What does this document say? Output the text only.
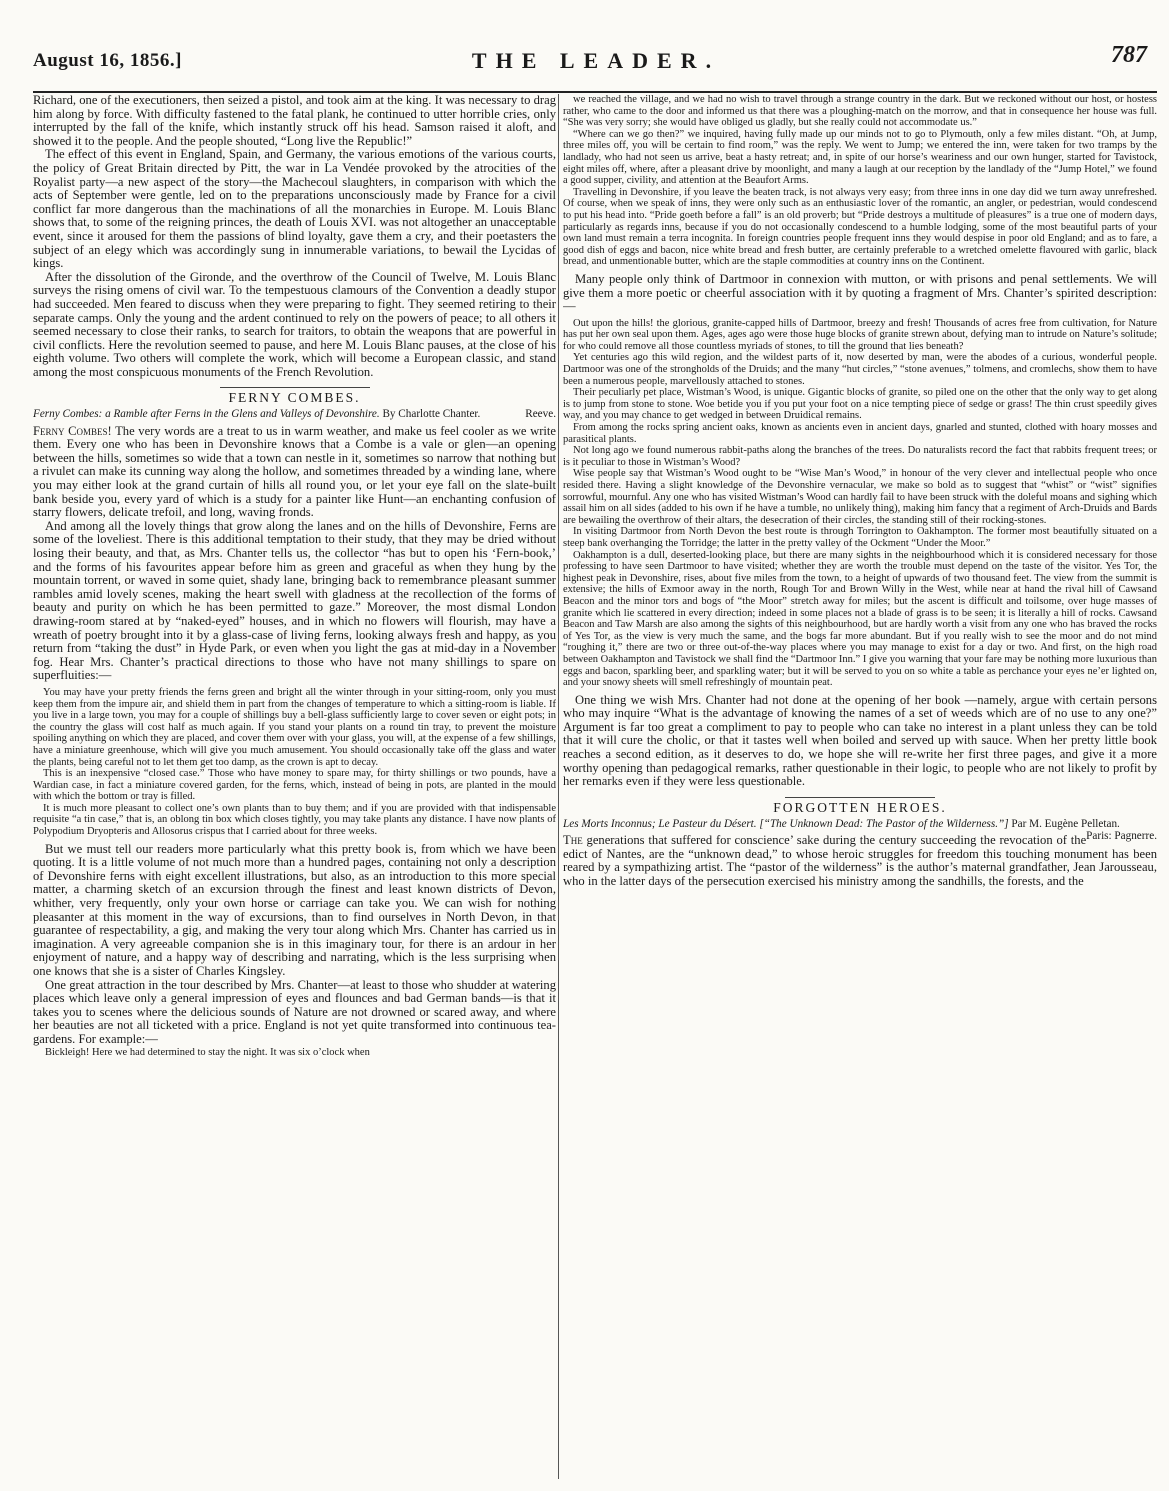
August 16, 1856.]	THE LEADER.	787

Richard, one of the executioners, then seized a pistol, and took aim at the king. It was necessary to drag him along by force. With difficulty fastened to the fatal plank, he continued to utter horrible cries, only interrupted by the fall of the knife, which instantly struck off his head. Samson raised it aloft, and showed it to the people. And the people shouted, “Long live the Republic!”

The effect of this event in England, Spain, and Germany, the various emotions of the various courts, the policy of Great Britain directed by Pitt, the war in La Vendée provoked by the atrocities of the Royalist party—a new aspect of the story—the Machecoul slaughters, in comparison with which the acts of September were gentle, led on to the preparations unconsciously made by France for a civil conflict far more dangerous than the machinations of all the monarchies in Europe. M. Louis Blanc shows that, to some of the reigning princes, the death of Louis XVI. was not altogether an unacceptable event, since it aroused for them the passions of blind loyalty, gave them a cry, and their poetasters the subject of an elegy which was accordingly sung in innumerable variations, to bewail the Lycidas of kings.

After the dissolution of the Gironde, and the overthrow of the Council of Twelve, M. Louis Blanc surveys the rising omens of civil war. To the tempestuous clamours of the Convention a deadly stupor had succeeded. Men feared to discuss when they were preparing to fight. They seemed retiring to their separate camps. Only the young and the ardent continued to rely on the powers of peace; to all others it seemed necessary to close their ranks, to search for traitors, to obtain the weapons that are powerful in civil conflicts. Here the revolution seemed to pause, and here M. Louis Blanc pauses, at the close of his eighth volume. Two others will complete the work, which will become a European classic, and stand among the most conspicuous monuments of the French Revolution.

FERNY COMBES.
Ferny Combes: a Ramble after Ferns in the Glens and Valleys of Devonshire. By Charlotte Chanter.	Reeve.

Ferny Combes! The very words are a treat to us in warm weather, and make us feel cooler as we write them. Every one who has been in Devonshire knows that a Combe is a vale or glen—an opening between the hills, sometimes so wide that a town can nestle in it, sometimes so narrow that nothing but a rivulet can make its cunning way along the hollow, and sometimes threaded by a winding lane, where you may either look at the grand curtain of hills all round you, or let your eye fall on the slate-built bank beside you, every yard of which is a study for a painter like Hunt—an enchanting confusion of starry flowers, delicate trefoil, and long, waving fronds.

And among all the lovely things that grow along the lanes and on the hills of Devonshire, Ferns are some of the loveliest. There is this additional temptation to their study, that they may be dried without losing their beauty, and that, as Mrs. Chanter tells us, the collector “has but to open his ‘Fern-book,’ and the forms of his favourites appear before him as green and graceful as when they hung by the mountain torrent, or waved in some quiet, shady lane, bringing back to remembrance pleasant summer rambles amid lovely scenes, making the heart swell with gladness at the recollection of the forms of beauty and purity on which he has been permitted to gaze.” Moreover, the most dismal London drawing-room stared at by “naked-eyed” houses, and in which no flowers will flourish, may have a wreath of poetry brought into it by a glass-case of living ferns, looking always fresh and happy, as you return from “taking the dust” in Hyde Park, or even when you light the gas at mid-day in a November fog. Hear Mrs. Chanter’s practical directions to those who have not many shillings to spare on superfluities:—

You may have your pretty friends the ferns green and bright all the winter through in your sitting-room, only you must keep them from the impure air, and shield them in part from the changes of temperature to which a sitting-room is liable. If you live in a large town, you may for a couple of shillings buy a bell-glass sufficiently large to cover seven or eight pots; in the country the glass will cost half as much again. If you stand your plants on a round tin tray, to prevent the moisture spoiling anything on which they are placed, and cover them over with your glass, you will, at the expense of a few shillings, have a miniature greenhouse, which will give you much amusement. You should occasionally take off the glass and water the plants, being careful not to let them get too damp, as the crown is apt to decay.

This is an inexpensive “closed case.” Those who have money to spare may, for thirty shillings or two pounds, have a Wardian case, in fact a miniature covered garden, for the ferns, which, instead of being in pots, are planted in the mould with which the bottom or tray is filled.

It is much more pleasant to collect one’s own plants than to buy them; and if you are provided with that indispensable requisite “a tin case,” that is, an oblong tin box which closes tightly, you may take plants any distance. I have now plants of Polypodium Dryopteris and Allosorus crispus that I carried about for three weeks.

But we must tell our readers more particularly what this pretty book is, from which we have been quoting. It is a little volume of not much more than a hundred pages, containing not only a description of Devonshire ferns with eight excellent illustrations, but also, as an introduction to this more special matter, a charming sketch of an excursion through the finest and least known districts of Devon, whither, very frequently, only your own horse or carriage can take you. We can wish for nothing pleasanter at this moment in the way of excursions, than to find ourselves in North Devon, in that guarantee of respectability, a gig, and making the very tour along which Mrs. Chanter has carried us in imagination. A very agreeable companion she is in this imaginary tour, for there is an ardour in her enjoyment of nature, and a happy way of describing and narrating, which is the less surprising when one knows that she is a sister of Charles Kingsley.

One great attraction in the tour described by Mrs. Chanter—at least to those who shudder at watering places which leave only a general impression of eyes and flounces and bad German bands—is that it takes you to scenes where the delicious sounds of Nature are not drowned or scared away, and where her beauties are not all ticketed with a price. England is not yet quite transformed into continuous tea-gardens. For example:—

Bickleigh! Here we had determined to stay the night. It was six o’clock when

we reached the village, and we had no wish to travel through a strange country in the dark. But we reckoned without our host, or hostess rather, who came to the door and informed us that there was a ploughing-match on the morrow, and that in consequence her house was full. “She was very sorry; she would have obliged us gladly, but she really could not accommodate us.”

“Where can we go then?” we inquired, having fully made up our minds not to go to Plymouth, only a few miles distant. “Oh, at Jump, three miles off, you will be certain to find room,” was the reply. We went to Jump; we entered the inn, were taken for two tramps by the landlady, who had not seen us arrive, beat a hasty retreat; and, in spite of our horse’s weariness and our own hunger, started for Tavistock, eight miles off, where, after a pleasant drive by moonlight, and many a laugh at our reception by the landlady of the “Jump Hotel,” we found a good supper, civility, and attention at the Beaufort Arms.

Travelling in Devonshire, if you leave the beaten track, is not always very easy; from three inns in one day did we turn away unrefreshed. Of course, when we speak of inns, they were only such as an enthusiastic lover of the romantic, an angler, or pedestrian, would condescend to put his head into. “Pride goeth before a fall” is an old proverb; but “Pride destroys a multitude of pleasures” is a true one of modern days, particularly as regards inns, because if you do not occasionally condescend to a humble lodging, some of the most beautiful parts of your own land must remain a terra incognita. In foreign countries people frequent inns they would despise in poor old England; and as to fare, a good dish of eggs and bacon, nice white bread and fresh butter, are certainly preferable to a wretched omelette flavoured with garlic, black bread, and unmentionable butter, which are the staple commodities at country inns on the Continent.

Many people only think of Dartmoor in connexion with mutton, or with prisons and penal settlements. We will give them a more poetic or cheerful association with it by quoting a fragment of Mrs. Chanter’s spirited description:—

Out upon the hills! the glorious, granite-capped hills of Dartmoor, breezy and fresh! Thousands of acres free from cultivation, for Nature has put her own seal upon them. Ages, ages ago were those huge blocks of granite strewn about, defying man to intrude on Nature’s solitude; for who could remove all those countless myriads of stones, to till the ground that lies beneath?

Yet centuries ago this wild region, and the wildest parts of it, now deserted by man, were the abodes of a curious, wonderful people. Dartmoor was one of the strongholds of the Druids; and the many “hut circles,” “stone avenues,” tolmens, and cromlechs, show them to have been a numerous people, marvellously attached to stones.

Their peculiarly pet place, Wistman’s Wood, is unique. Gigantic blocks of granite, so piled one on the other that the only way to get along is to jump from stone to stone. Woe betide you if you put your foot on a nice tempting piece of sedge or grass! The thin crust speedily gives way, and you may chance to get wedged in between Druidical remains.

From among the rocks spring ancient oaks, known as ancients even in ancient days, gnarled and stunted, clothed with hoary mosses and parasitical plants.

Not long ago we found numerous rabbit-paths along the branches of the trees. Do naturalists record the fact that rabbits frequent trees; or is it peculiar to those in Wistman’s Wood?

Wise people say that Wistman’s Wood ought to be “Wise Man’s Wood,” in honour of the very clever and intellectual people who once resided there. Having a slight knowledge of the Devonshire vernacular, we make so bold as to suggest that “whist” or “wist” signifies sorrowful, mournful. Any one who has visited Wistman’s Wood can hardly fail to have been struck with the doleful moans and sighing which assail him on all sides (added to his own if he have a tumble, no unlikely thing), making him fancy that a regiment of Arch-Druids and Bards are bewailing the overthrow of their altars, the desecration of their circles, the standing still of their rocking-stones.

In visiting Dartmoor from North Devon the best route is through Torrington to Oakhampton. The former most beautifully situated on a steep bank overhanging the Torridge; the latter in the pretty valley of the Ockment “Under the Moor.”

Oakhampton is a dull, deserted-looking place, but there are many sights in the neighbourhood which it is considered necessary for those professing to have seen Dartmoor to have visited; whether they are worth the trouble must depend on the taste of the visitor. Yes Tor, the highest peak in Devonshire, rises, about five miles from the town, to a height of upwards of two thousand feet. The view from the summit is extensive; the hills of Exmoor away in the north, Rough Tor and Brown Willy in the West, while near at hand the rival hill of Cawsand Beacon and the minor tors and bogs of “the Moor” stretch away for miles; but the ascent is difficult and toilsome, over huge masses of granite which lie scattered in every direction; indeed in some places not a blade of grass is to be seen; it is literally a hill of rocks. Cawsand Beacon and Taw Marsh are also among the sights of this neighbourhood, but are hardly worth a visit from any one who has braved the rocks of Yes Tor, as the view is very much the same, and the bogs far more abundant. But if you really wish to see the moor and do not mind “roughing it,” there are two or three out-of-the-way places where you may manage to exist for a day or two. And first, on the high road between Oakhampton and Tavistock we shall find the “Dartmoor Inn.” I give you warning that your fare may be nothing more luxurious than eggs and bacon, sparkling beer, and sparkling water; but it will be served to you on so white a table as perchance your eyes ne’er lighted on, and your snowy sheets will smell refreshingly of mountain peat.

One thing we wish Mrs. Chanter had not done at the opening of her book —namely, argue with certain persons who may inquire “What is the advantage of knowing the names of a set of weeds which are of no use to any one?” Argument is far too great a compliment to pay to people who can take no interest in a plant unless they can be told that it will cure the cholic, or that it tastes well when boiled and served up with sauce. When her pretty little book reaches a second edition, as it deserves to do, we hope she will re-write her first three pages, and give it a more worthy opening than pedagogical remarks, rather questionable in their logic, to people who are not likely to profit by her remarks even if they were less questionable.

FORGOTTEN HEROES.
Les Morts Inconnus; Le Pasteur du Désert. [“The Unknown Dead: The Pastor of the Wilderness.”] Par M. Eugène Pelletan.
Paris: Pagnerre.

The generations that suffered for conscience’ sake during the century succeeding the revocation of the edict of Nantes, are the “unknown dead,” to whose heroic struggles for freedom this touching monument has been reared by a sympathizing artist. The “pastor of the wilderness” is the author’s maternal grandfather, Jean Jarousseau, who in the latter days of the persecution exercised his ministry among the sandhills, the forests, and the
